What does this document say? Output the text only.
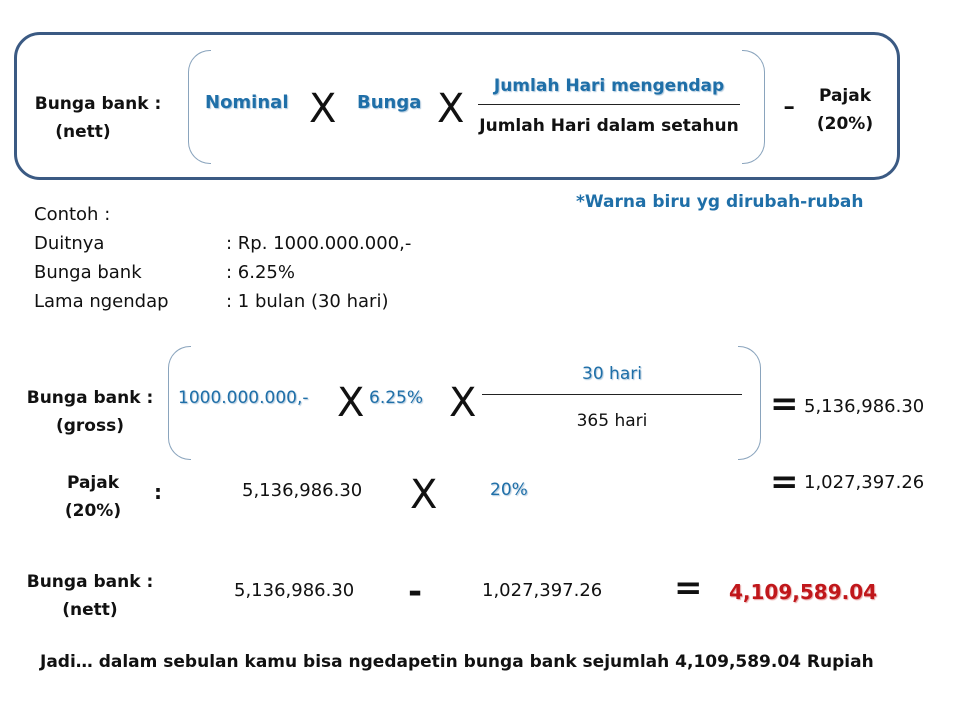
Bunga bank :
(nett)
Nominal X Bunga X	Jumlah Hari mengendap
Jumlah Hari dalam setahun -	Pajak
(20%)
*Warna biru yg dirubah-rubah
Contoh :
Duitnya	: Rp. 1000.000.000,-
Bunga bank	: 6.25%
Lama ngendap	: 1 bulan (30 hari)
Bunga bank :
(gross)
1000.000.000,- X 6.25% X
30 hari
365 hari	= 5,136,986.30
Pajak
(20%)
:	5,136,986.30 X	20%	= 1,027,397.26
Bunga bank :
(nett)
5,136,986.30 -	1,027,397.26 = 4,109,589.04
Jadi… dalam sebulan kamu bisa ngedapetin bunga bank sejumlah 4,109,589.04 Rupiah
